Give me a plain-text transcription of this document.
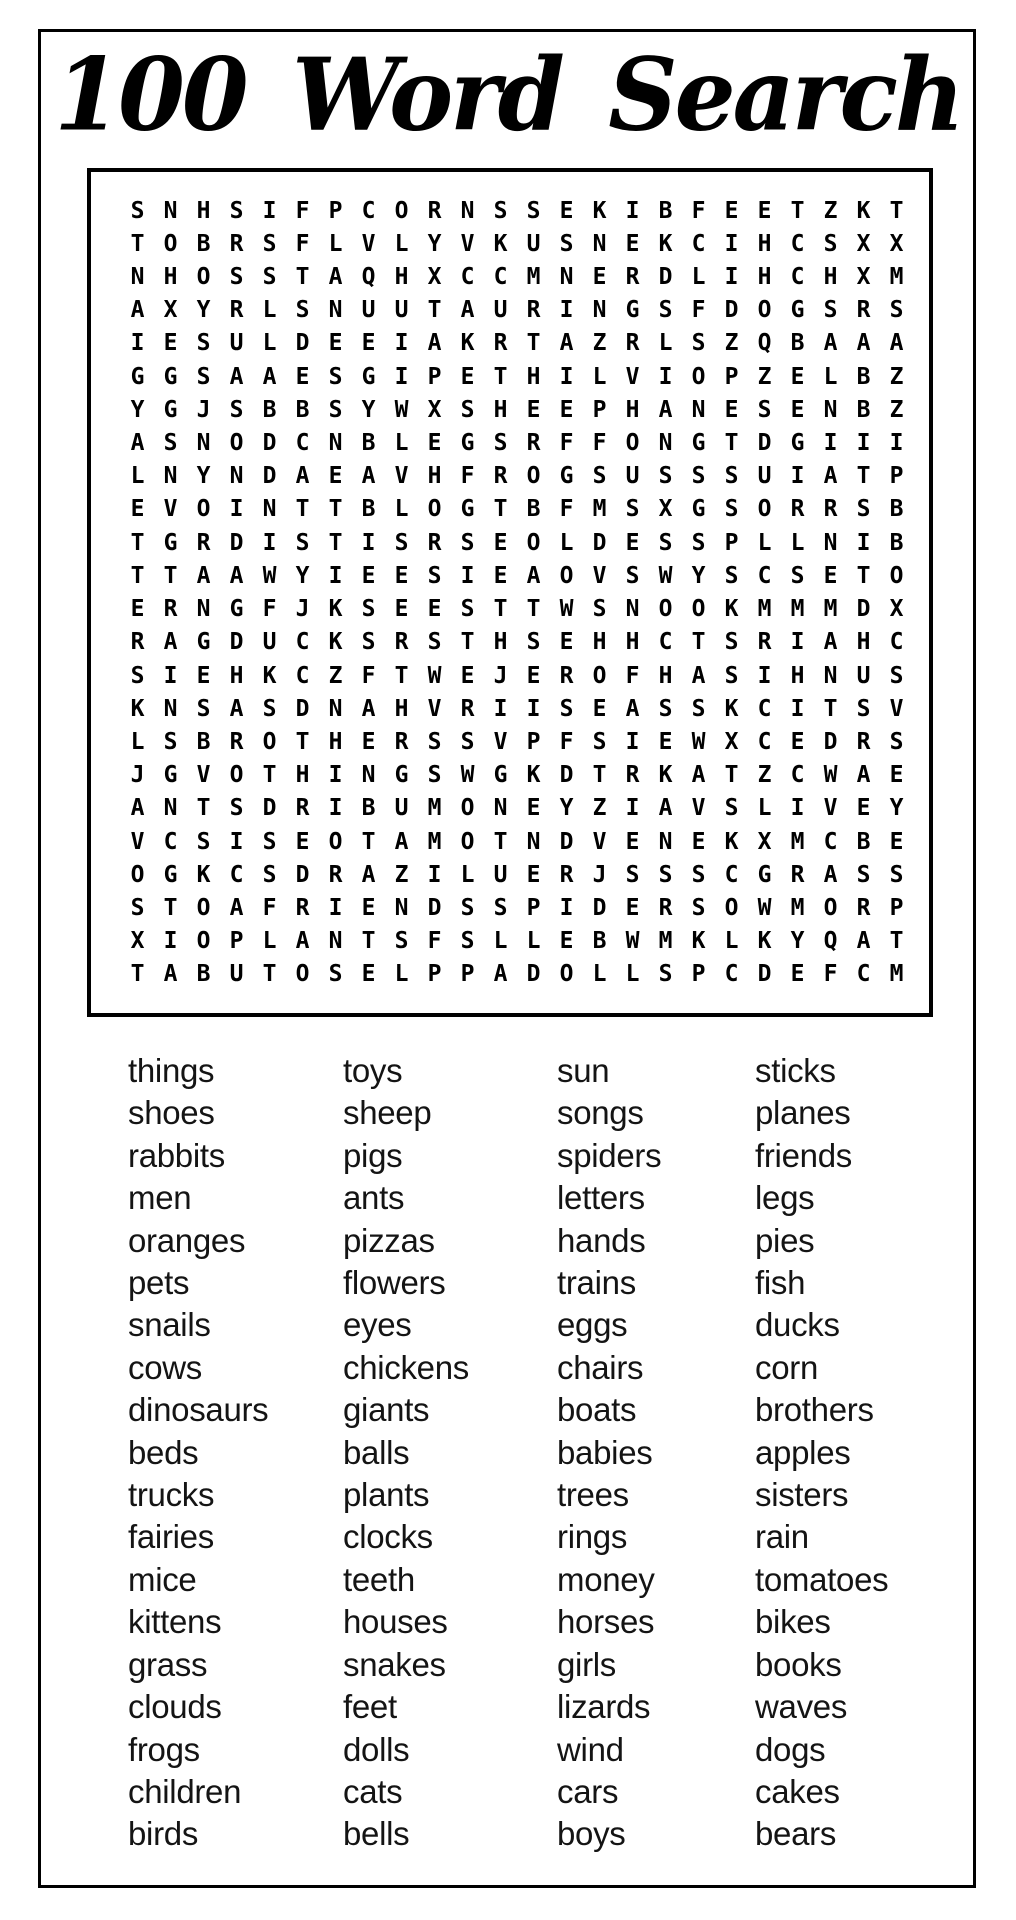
100 Word Search
S N H S I F P C O R N S S E K I B F E E T Z K T
T O B R S F L V L Y V K U S N E K C I H C S X X
N H O S S T A Q H X C C M N E R D L I H C H X M
A X Y R L S N U U T A U R I N G S F D O G S R S
I E S U L D E E I A K R T A Z R L S Z Q B A A A
G G S A A E S G I P E T H I L V I O P Z E L B Z
Y G J S B B S Y W X S H E E P H A N E S E N B Z
A S N O D C N B L E G S R F F O N G T D G I I I
L N Y N D A E A V H F R O G S U S S S U I A T P
E V O I N T T B L O G T B F M S X G S O R R S B
T G R D I S T I S R S E O L D E S S P L L N I B
T T A A W Y I E E S I E A O V S W Y S C S E T O
E R N G F J K S E E S T T W S N O O K M M M D X
R A G D U C K S R S T H S E H H C T S R I A H C
S I E H K C Z F T W E J E R O F H A S I H N U S
K N S A S D N A H V R I I S E A S S K C I T S V
L S B R O T H E R S S V P F S I E W X C E D R S
J G V O T H I N G S W G K D T R K A T Z C W A E
A N T S D R I B U M O N E Y Z I A V S L I V E Y
V C S I S E O T A M O T N D V E N E K X M C B E
O G K C S D R A Z I L U E R J S S S C G R A S S
S T O A F R I E N D S S P I D E R S O W M O R P
X I O P L A N T S F S L L E B W M K L K Y Q A T
T A B U T O S E L P P A D O L L S P C D E F C M
things
shoes
rabbits
men
oranges
pets
snails
cows
dinosaurs
beds
trucks
fairies
mice
kittens
grass
clouds
frogs
children
birds
toys
sheep
pigs
ants
pizzas
flowers
eyes
chickens
giants
balls
plants
clocks
teeth
houses
snakes
feet
dolls
cats
bells
sun
songs
spiders
letters
hands
trains
eggs
chairs
boats
babies
trees
rings
money
horses
girls
lizards
wind
cars
boys
sticks
planes
friends
legs
pies
fish
ducks
corn
brothers
apples
sisters
rain
tomatoes
bikes
books
waves
dogs
cakes
bears
